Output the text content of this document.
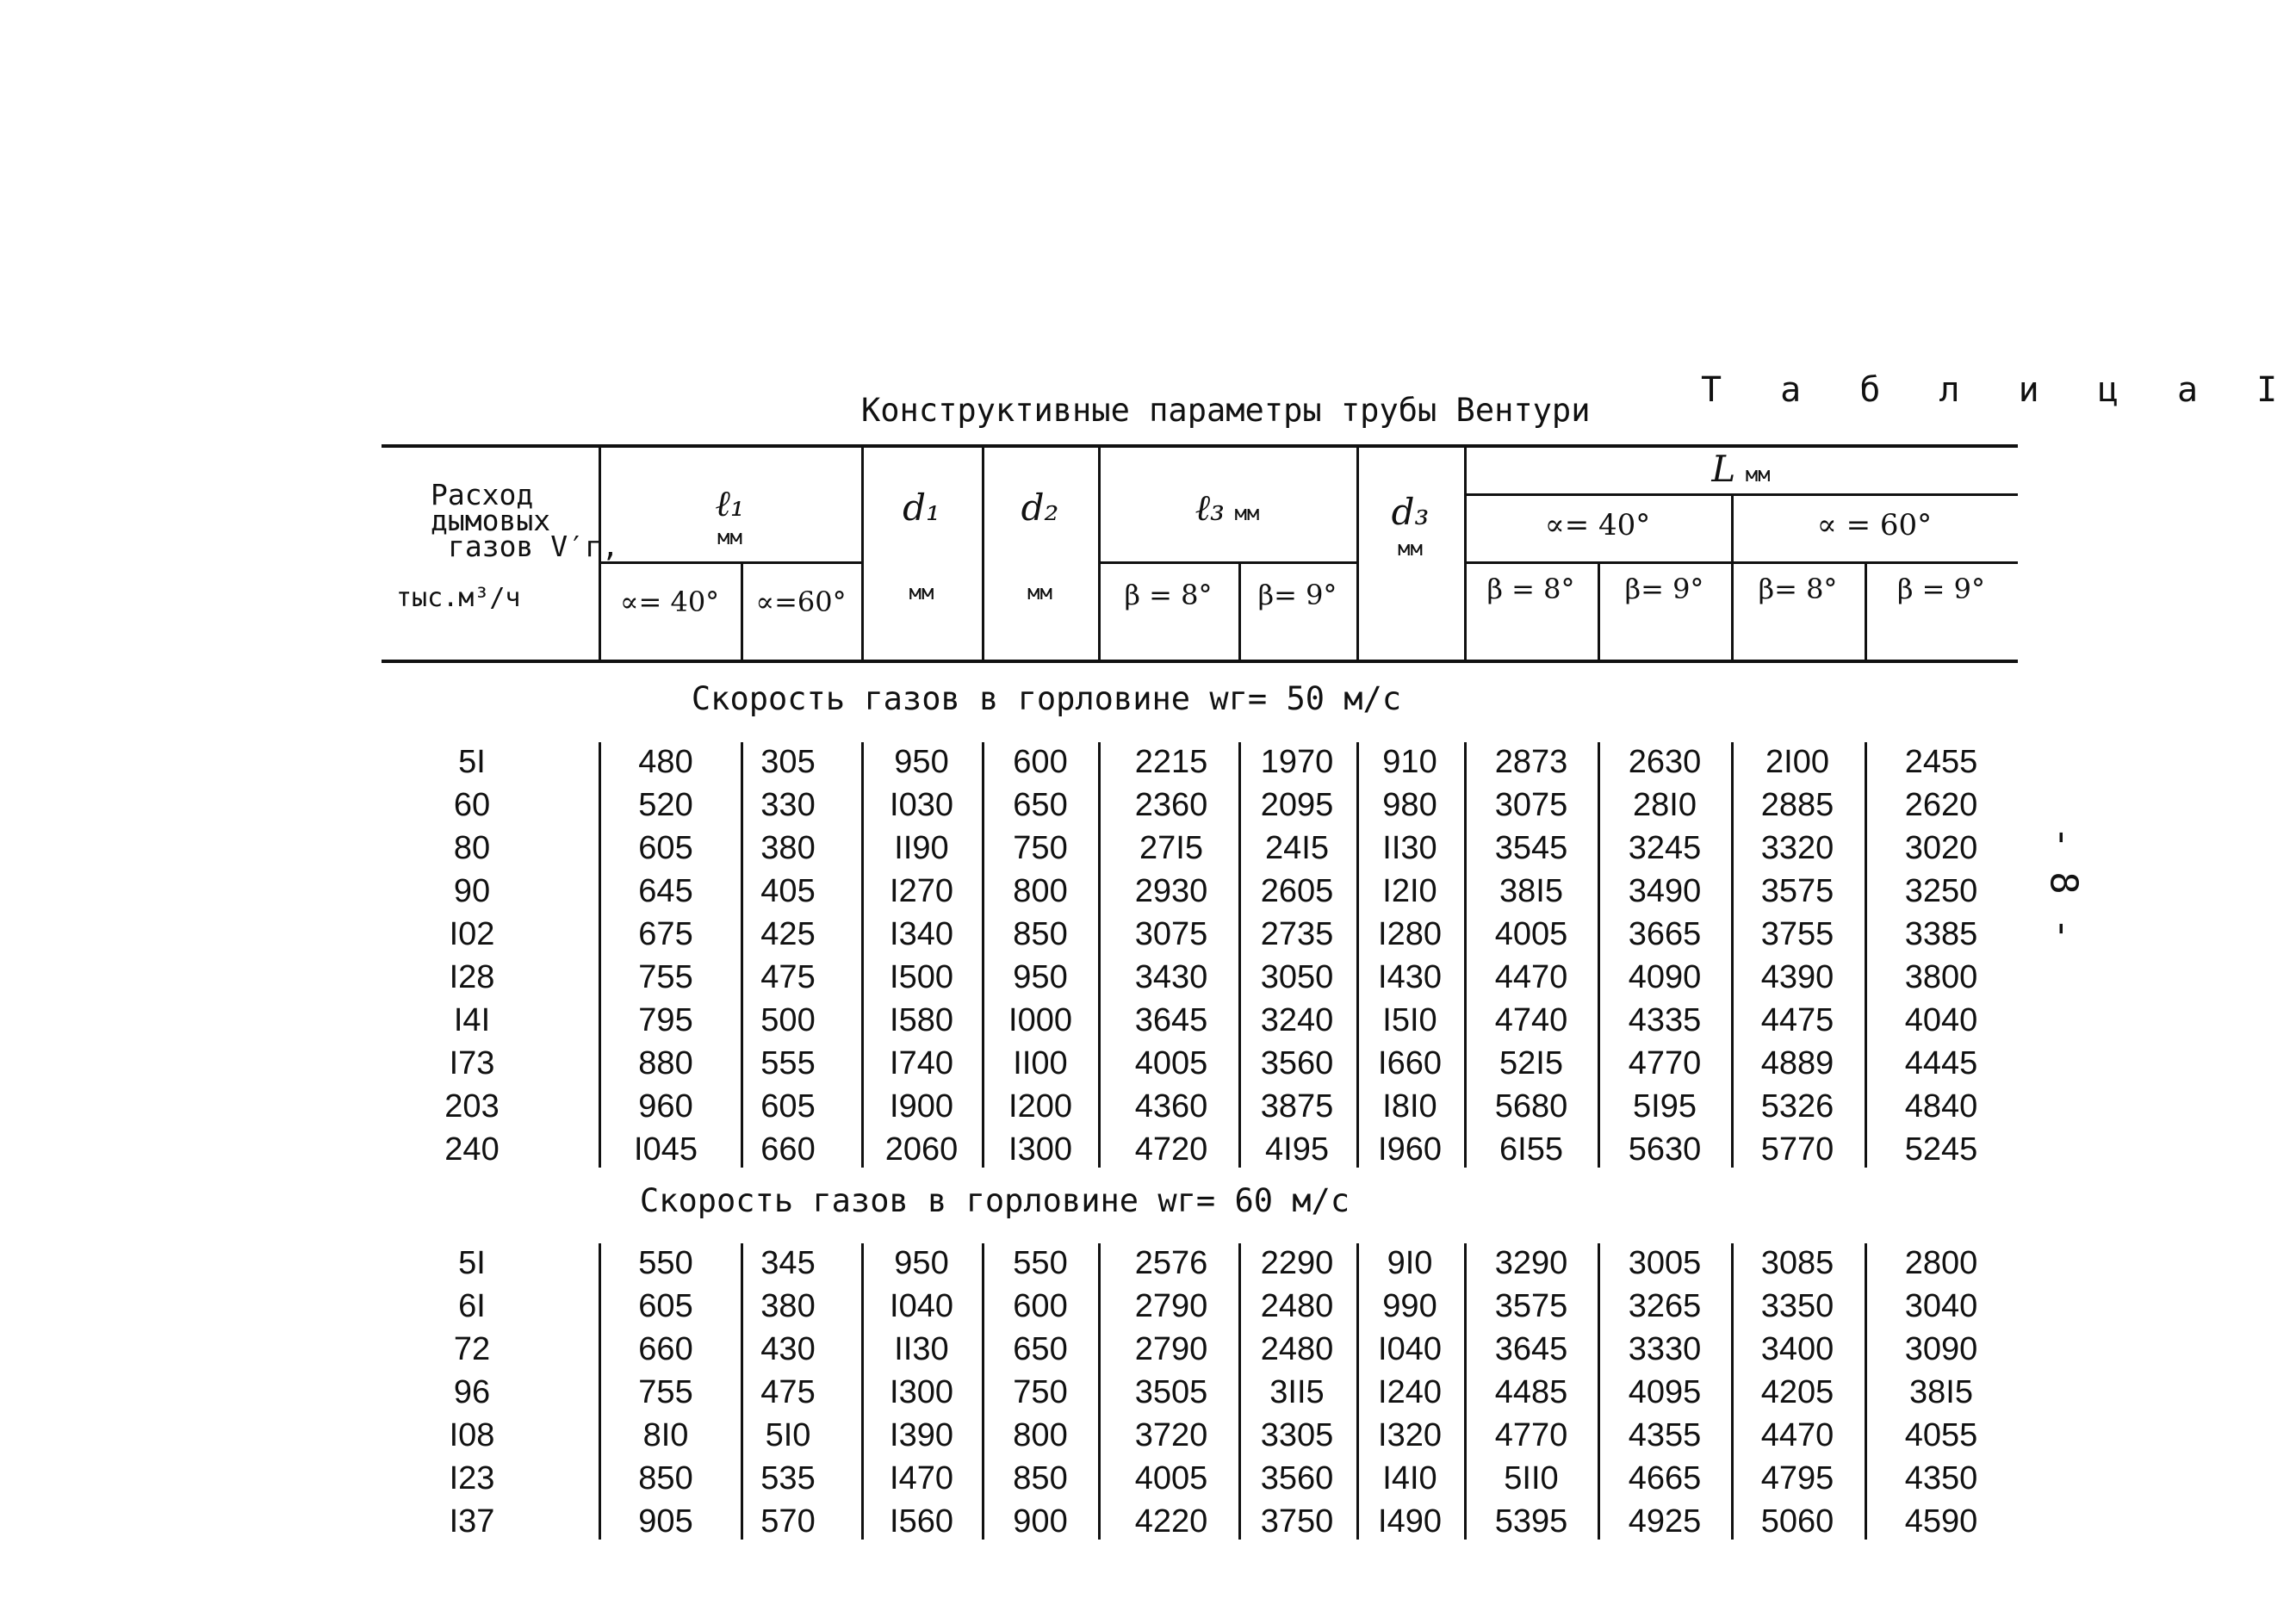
Т а б л и ц а I
Конструктивные параметры трубы Вентури
- 8 -
Расход
дымовых
газов V′г,
тыс.м³/ч
ℓ₁
мм
∝= 40°	∝=60°
d₁
мм
d₂
мм
ℓ₃ мм
β = 8°	β= 9°
d₃
мм
L мм
∝= 40°	∝ = 60°
β = 8°	β= 9°	β= 8°	β = 9°
Скорость газов в горловине wг= 50 м/с
5I	480	305	950	600	2215	1970	910	2873	2630	2I00	2455
60	520	330	I030	650	2360	2095	980	3075	28I0	2885	2620
80	605	380	II90	750	27I5	24I5	II30	3545	3245	3320	3020
90	645	405	I270	800	2930	2605	I2I0	38I5	3490	3575	3250
I02	675	425	I340	850	3075	2735	I280	4005	3665	3755	3385
I28	755	475	I500	950	3430	3050	I430	4470	4090	4390	3800
I4I	795	500	I580	I000	3645	3240	I5I0	4740	4335	4475	4040
I73	880	555	I740	II00	4005	3560	I660	52I5	4770	4889	4445
203	960	605	I900	I200	4360	3875	I8I0	5680	5I95	5326	4840
240	I045	660	2060	I300	4720	4I95	I960	6I55	5630	5770	5245
Скорость газов в горловине wг= 60 м/с
5I	550	345	950	550	2576	2290	9I0	3290	3005	3085	2800
6I	605	380	I040	600	2790	2480	990	3575	3265	3350	3040
72	660	430	II30	650	2790	2480	I040	3645	3330	3400	3090
96	755	475	I300	750	3505	3II5	I240	4485	4095	4205	38I5
I08	8I0	5I0	I390	800	3720	3305	I320	4770	4355	4470	4055
I23	850	535	I470	850	4005	3560	I4I0	5II0	4665	4795	4350
I37	905	570	I560	900	4220	3750	I490	5395	4925	5060	4590
